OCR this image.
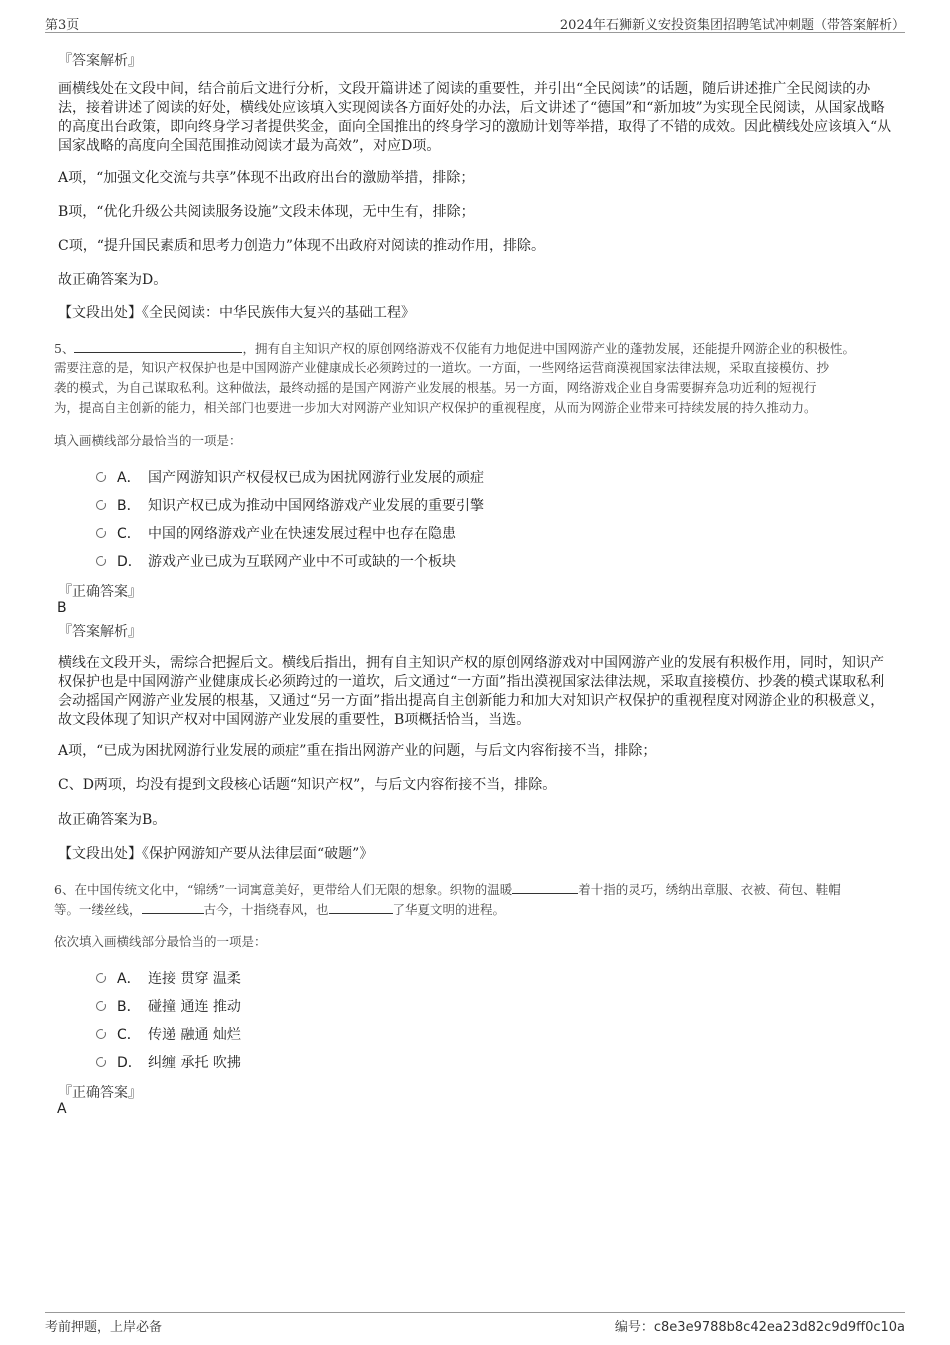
第3页	2024年石狮新义安投资集团招聘笔试冲刺题（带答案解析）
『答案解析』
画横线处在文段中间，结合前后文进行分析，文段开篇讲述了阅读的重要性，并引出“全民阅读”的话题，随后讲述推广全民阅读的办法，接着讲述了阅读的好处，横线处应该填入实现阅读各方面好处的办法，后文讲述了“德国”和“新加坡”为实现全民阅读，从国家战略的高度出台政策，即向终身学习者提供奖金，面向全国推出的终身学习的激励计划等举措，取得了不错的成效。因此横线处应该填入“从国家战略的高度向全国范围推动阅读才最为高效”，对应D项。
A项，“加强文化交流与共享”体现不出政府出台的激励举措，排除；
B项，“优化升级公共阅读服务设施”文段未体现，无中生有，排除；
C项，“提升国民素质和思考力创造力”体现不出政府对阅读的推动作用，排除。
故正确答案为D。
【文段出处】《全民阅读：中华民族伟大复兴的基础工程》
5、	，拥有自主知识产权的原创网络游戏不仅能有力地促进中国网游产业的蓬勃发展，还能提升网游企业的积极性。
需要注意的是，知识产权保护也是中国网游产业健康成长必须跨过的一道坎。一方面，一些网络运营商漠视国家法律法规，采取直接模仿、抄
袭的模式，为自己谋取私利。这种做法，最终动摇的是国产网游产业发展的根基。另一方面，网络游戏企业自身需要摒弃急功近利的短视行
为，提高自主创新的能力，相关部门也要进一步加大对网游产业知识产权保护的重视程度，从而为网游企业带来可持续发展的持久推动力。
填入画横线部分最恰当的一项是：
A． 国产网游知识产权侵权已成为困扰网游行业发展的顽症
B． 知识产权已成为推动中国网络游戏产业发展的重要引擎
C． 中国的网络游戏产业在快速发展过程中也存在隐患
D． 游戏产业已成为互联网产业中不可或缺的一个板块
『正确答案』
B
『答案解析』
横线在文段开头，需综合把握后文。横线后指出，拥有自主知识产权的原创网络游戏对中国网游产业的发展有积极作用，同时，知识产权保护也是中国网游产业健康成长必须跨过的一道坎，后文通过“一方面”指出漠视国家法律法规，采取直接模仿、抄袭的模式谋取私利会动摇国产网游产业发展的根基，又通过“另一方面”指出提高自主创新能力和加大对知识产权保护的重视程度对网游企业的积极意义，故文段体现了知识产权对中国网游产业发展的重要性，B项概括恰当，当选。
A项，“已成为困扰网游行业发展的顽症”重在指出网游产业的问题，与后文内容衔接不当，排除；
C、D两项，均没有提到文段核心话题“知识产权”，与后文内容衔接不当，排除。
故正确答案为B。
【文段出处】《保护网游知产要从法律层面“破题”》
6、在中国传统文化中，“锦绣”一词寓意美好，更带给人们无限的想象。织物的温暖	着十指的灵巧，绣纳出章服、衣被、荷包、鞋帽
等。一缕丝线，	古今，十指绕春风，也	了华夏文明的进程。
依次填入画横线部分最恰当的一项是：
A． 连接 贯穿 温柔
B． 碰撞 通连 推动
C． 传递 融通 灿烂
D． 纠缠 承托 吹拂
『正确答案』
A
考前押题，上岸必备	编号：c8e3e9788b8c42ea23d82c9d9ff0c10a
